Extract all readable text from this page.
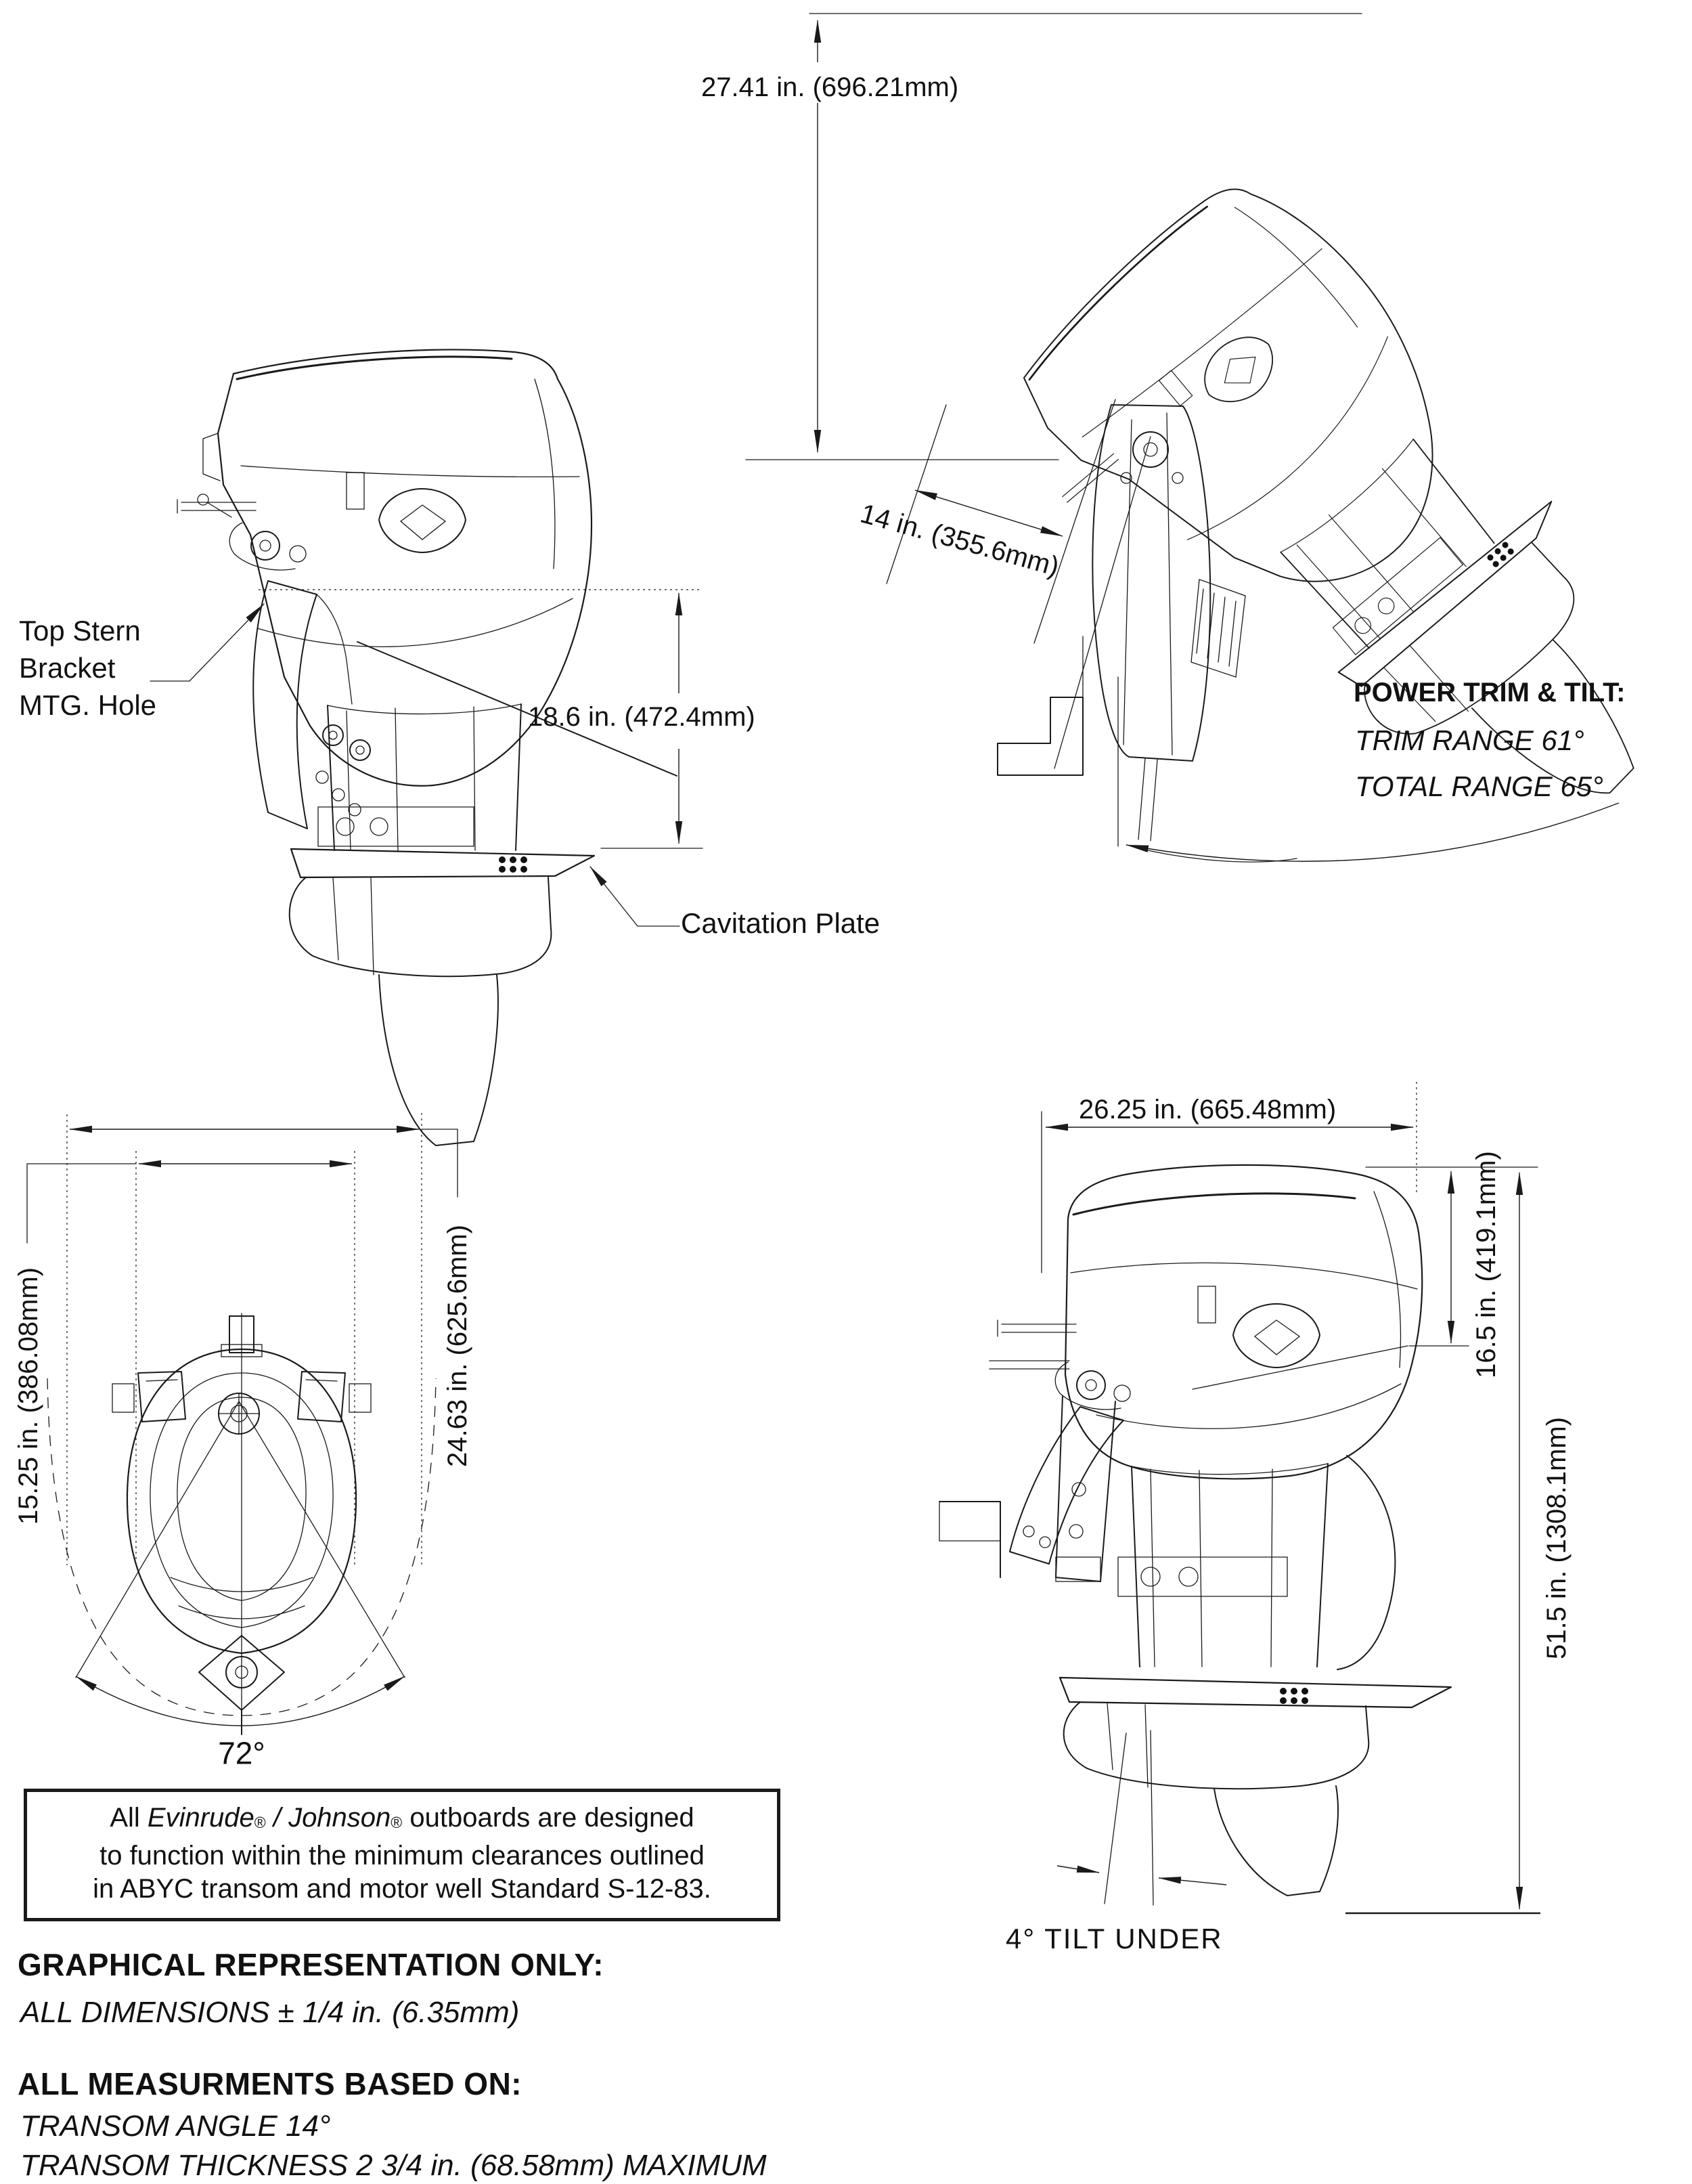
27.41 in. (696.21mm)
14 in. (355.6mm)
POWER TRIM & TILT:
TRIM RANGE 61°
TOTAL RANGE 65°
Top Stern
Bracket
MTG. Hole	18.6 in. (472.4mm)
Cavitation Plate
26.25 in. (665.48mm)
16.5 in. (419.1mm)
51.5 in. (1308.1mm)
24.63 in. (625.6mm)
15.25 in. (386.08mm)
72°
4° TILT UNDER
All Evinrude® / Johnson® outboards are designed
to function within the minimum clearances outlined
in ABYC transom and motor well Standard S-12-83.
GRAPHICAL REPRESENTATION ONLY:
ALL DIMENSIONS ± 1/4 in. (6.35mm)
ALL MEASURMENTS BASED ON:
TRANSOM ANGLE 14°
TRANSOM THICKNESS 2 3/4 in. (68.58mm) MAXIMUM
